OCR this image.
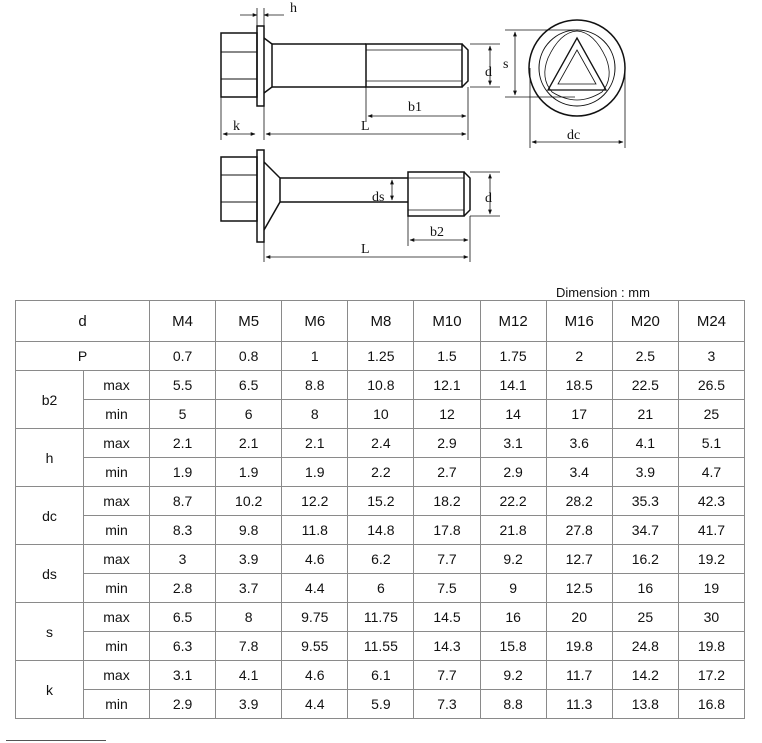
h
d
s
b1
k	L
dc
ds	d
b2
L
Dimension : mm
d		M4	M5	M6	M8	M10	M12	M16	M20	M24
P		0.7	0.8	1	1.25	1.5	1.75	2	2.5	3
b2	max	5.5	6.5	8.8	10.8	12.1	14.1	18.5	22.5	26.5
	min	5	6	8	10	12	14	17	21	25
h	max	2.1	2.1	2.1	2.4	2.9	3.1	3.6	4.1	5.1
	min	1.9	1.9	1.9	2.2	2.7	2.9	3.4	3.9	4.7
dc	max	8.7	10.2	12.2	15.2	18.2	22.2	28.2	35.3	42.3
	min	8.3	9.8	11.8	14.8	17.8	21.8	27.8	34.7	41.7
ds	max	3	3.9	4.6	6.2	7.7	9.2	12.7	16.2	19.2
	min	2.8	3.7	4.4	6	7.5	9	12.5	16	19
s	max	6.5	8	9.75	11.75	14.5	16	20	25	30
	min	6.3	7.8	9.55	11.55	14.3	15.8	19.8	24.8	19.8
k	max	3.1	4.1	4.6	6.1	7.7	9.2	11.7	14.2	17.2
	min	2.9	3.9	4.4	5.9	7.3	8.8	11.3	13.8	16.8
